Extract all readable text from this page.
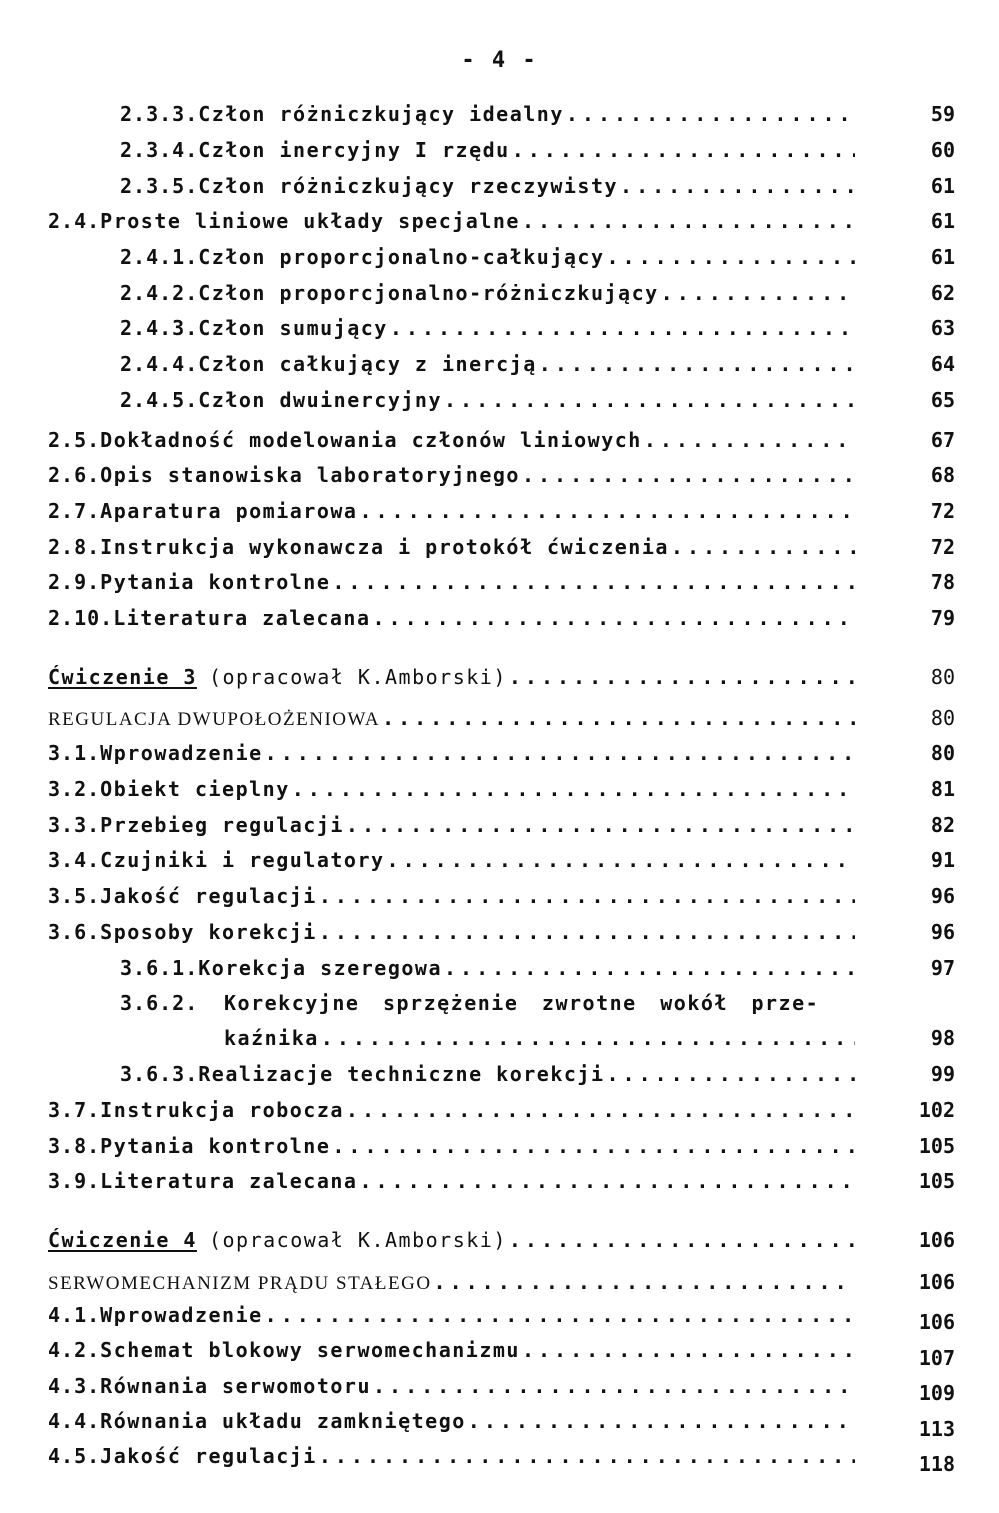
- 4 -
2.3.3. Człon różniczkujący idealny .....	59
2.3.4. Człon inercyjny I rzędu .....	60
2.3.5. Człon różniczkujący rzeczywisty .....	61
2.4. Proste liniowe układy specjalne .....	61
2.4.1. Człon proporcjonalno-całkujący .....	61
2.4.2. Człon proporcjonalno-różniczkujący .....	62
2.4.3. Człon sumujący .....	63
2.4.4. Człon całkujący z inercją .....	64
2.4.5. Człon dwuinercyjny .....	65
2.5. Dokładność modelowania członów liniowych .....	67
2.6. Opis stanowiska laboratoryjnego .....	68
2.7. Aparatura pomiarowa .....	72
2.8. Instrukcja wykonawcza i protokół ćwiczenia .....	72
2.9. Pytania kontrolne .....	78
2.10. Literatura zalecana .....	79
Ćwiczenie 3 (opracował K.Amborski) .....	80
REGULACJA DWUPOŁOŻENIOWA .....	80
3.1. Wprowadzenie .....	80
3.2. Obiekt cieplny .....	81
3.3. Przebieg regulacji .....	82
3.4. Czujniki i regulatory .....	91
3.5. Jakość regulacji .....	96
3.6. Sposoby korekcji .....	96
3.6.1. Korekcja szeregowa .....	97
3.6.2. Korekcyjne sprzężenie zwrotne wokół prze-
kaźnika .....	98
3.6.3. Realizacje techniczne korekcji .....	99
3.7. Instrukcja robocza .....	102
3.8. Pytania kontrolne .....	105
3.9. Literatura zalecana .....	105
Ćwiczenie 4 (opracował K.Amborski) .....	106
SERWOMECHANIZM PRĄDU STAŁEGO .....	106
4.1. Wprowadzenie .....	106
4.2. Schemat blokowy serwomechanizmu .....	107
4.3. Równania serwomotoru .....	109
4.4. Równania układu zamkniętego .....	113
4.5. Jakość regulacji .....	118
